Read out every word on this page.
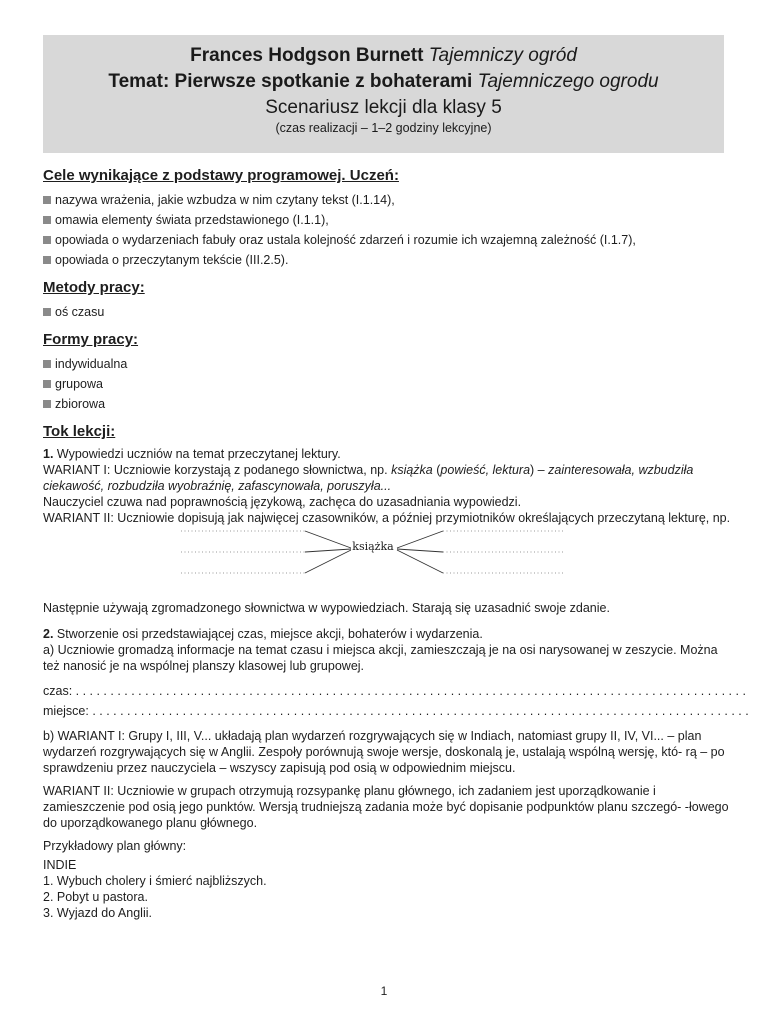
Frances Hodgson Burnett Tajemniczy ogród
Temat: Pierwsze spotkanie z bohaterami Tajemniczego ogrodu
Scenariusz lekcji dla klasy 5
(czas realizacji – 1–2 godziny lekcyjne)
Cele wynikające z podstawy programowej. Uczeń:
nazywa wrażenia, jakie wzbudza w nim czytany tekst (I.1.14),
omawia elementy świata przedstawionego (I.1.1),
opowiada o wydarzeniach fabuły oraz ustala kolejność zdarzeń i rozumie ich wzajemną zależność (I.1.7),
opowiada o przeczytanym tekście (III.2.5).
Metody pracy:
oś czasu
Formy pracy:
indywidualna
grupowa
zbiorowa
Tok lekcji:

1. Wypowiedzi uczniów na temat przeczytanej lektury.

WARIANT I: Uczniowie korzystają z podanego słownictwa, np. książka (powieść, lektura) – zainteresowała, wzbudziła ciekawość, rozbudziła wyobraźnię, zafascynowała, poruszyła...

Nauczyciel czuwa nad poprawnością językową, zachęca do uzasadniania wypowiedzi.

WARIANT II: Uczniowie dopisują jak najwięcej czasowników, a później przymiotników określających przeczytaną lekturę, np.

książka

Następnie używają zgromadzonego słownictwa w wypowiedziach. Starają się uzasadnić swoje zdanie.

2. Stworzenie osi przedstawiającej czas, miejsce akcji, bohaterów i wydarzenia.

a) Uczniowie gromadzą informacje na temat czasu i miejsca akcji, zamieszczają je na osi narysowanej w zeszycie. Można też nanosić je na wspólnej planszy klasowej lub grupowej.

czas: . . . . . . . . . . . . . . . . . . . . . . . . . . . . . . . . . . . . . . . . . . . . . . . . . . . . . . . . . . . . . . . . . . . . . . . . . . . . . . . . . . . . . . . . . . . . . . . . .

miejsce: . . . . . . . . . . . . . . . . . . . . . . . . . . . . . . . . . . . . . . . . . . . . . . . . . . . . . . . . . . . . . . . . . . . . . . . . . . . . . . . . . . . . . . . . . . . . . . .

b) WARIANT I: Grupy I, III, V... układają plan wydarzeń rozgrywających się w Indiach, natomiast grupy II, IV, VI... – plan wydarzeń rozgrywających się w Anglii. Zespoły porównują swoje wersje, doskonalą je, ustalają wspólną wersję, któ- rą – po sprawdzeniu przez nauczyciela – wszyscy zapisują pod osią w odpowiednim miejscu.

WARIANT II: Uczniowie w grupach otrzymują rozsypankę planu głównego, ich zadaniem jest uporządkowanie i zamieszczenie pod osią jego punktów. Wersją trudniejszą zadania może być dopisanie podpunktów planu szczegó- -łowego do uporządkowanego planu głównego.

Przykładowy plan główny:

INDIE

1. Wybuch cholery i śmierć najbliższych.

2. Pobyt u pastora.

3. Wyjazd do Anglii.

1
